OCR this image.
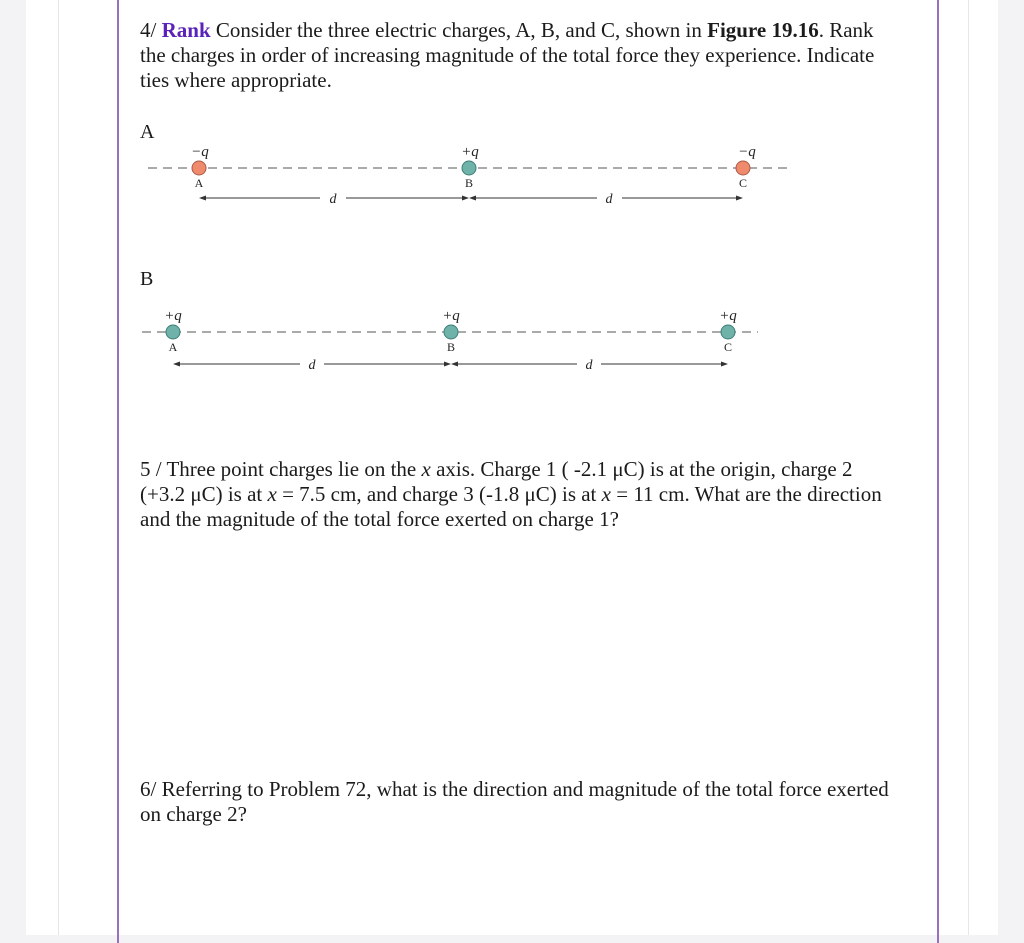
4/ Rank Consider the three electric charges, A, B, and C, shown in Figure 19.16. Rank the charges in order of increasing magnitude of the total force they experience. Indicate ties where appropriate.
A
−q
A
+q
B
−q
C
d	d
B
+q
A
+q
B
+q
C
d	d
5 / Three point charges lie on the x axis. Charge 1 ( -2.1 μC) is at the origin, charge 2 (+3.2 μC) is at x = 7.5 cm, and charge 3 (-1.8 μC) is at x = 11 cm. What are the direction and the magnitude of the total force exerted on charge 1?
6/ Referring to Problem 72, what is the direction and magnitude of the total force exerted on charge 2?
